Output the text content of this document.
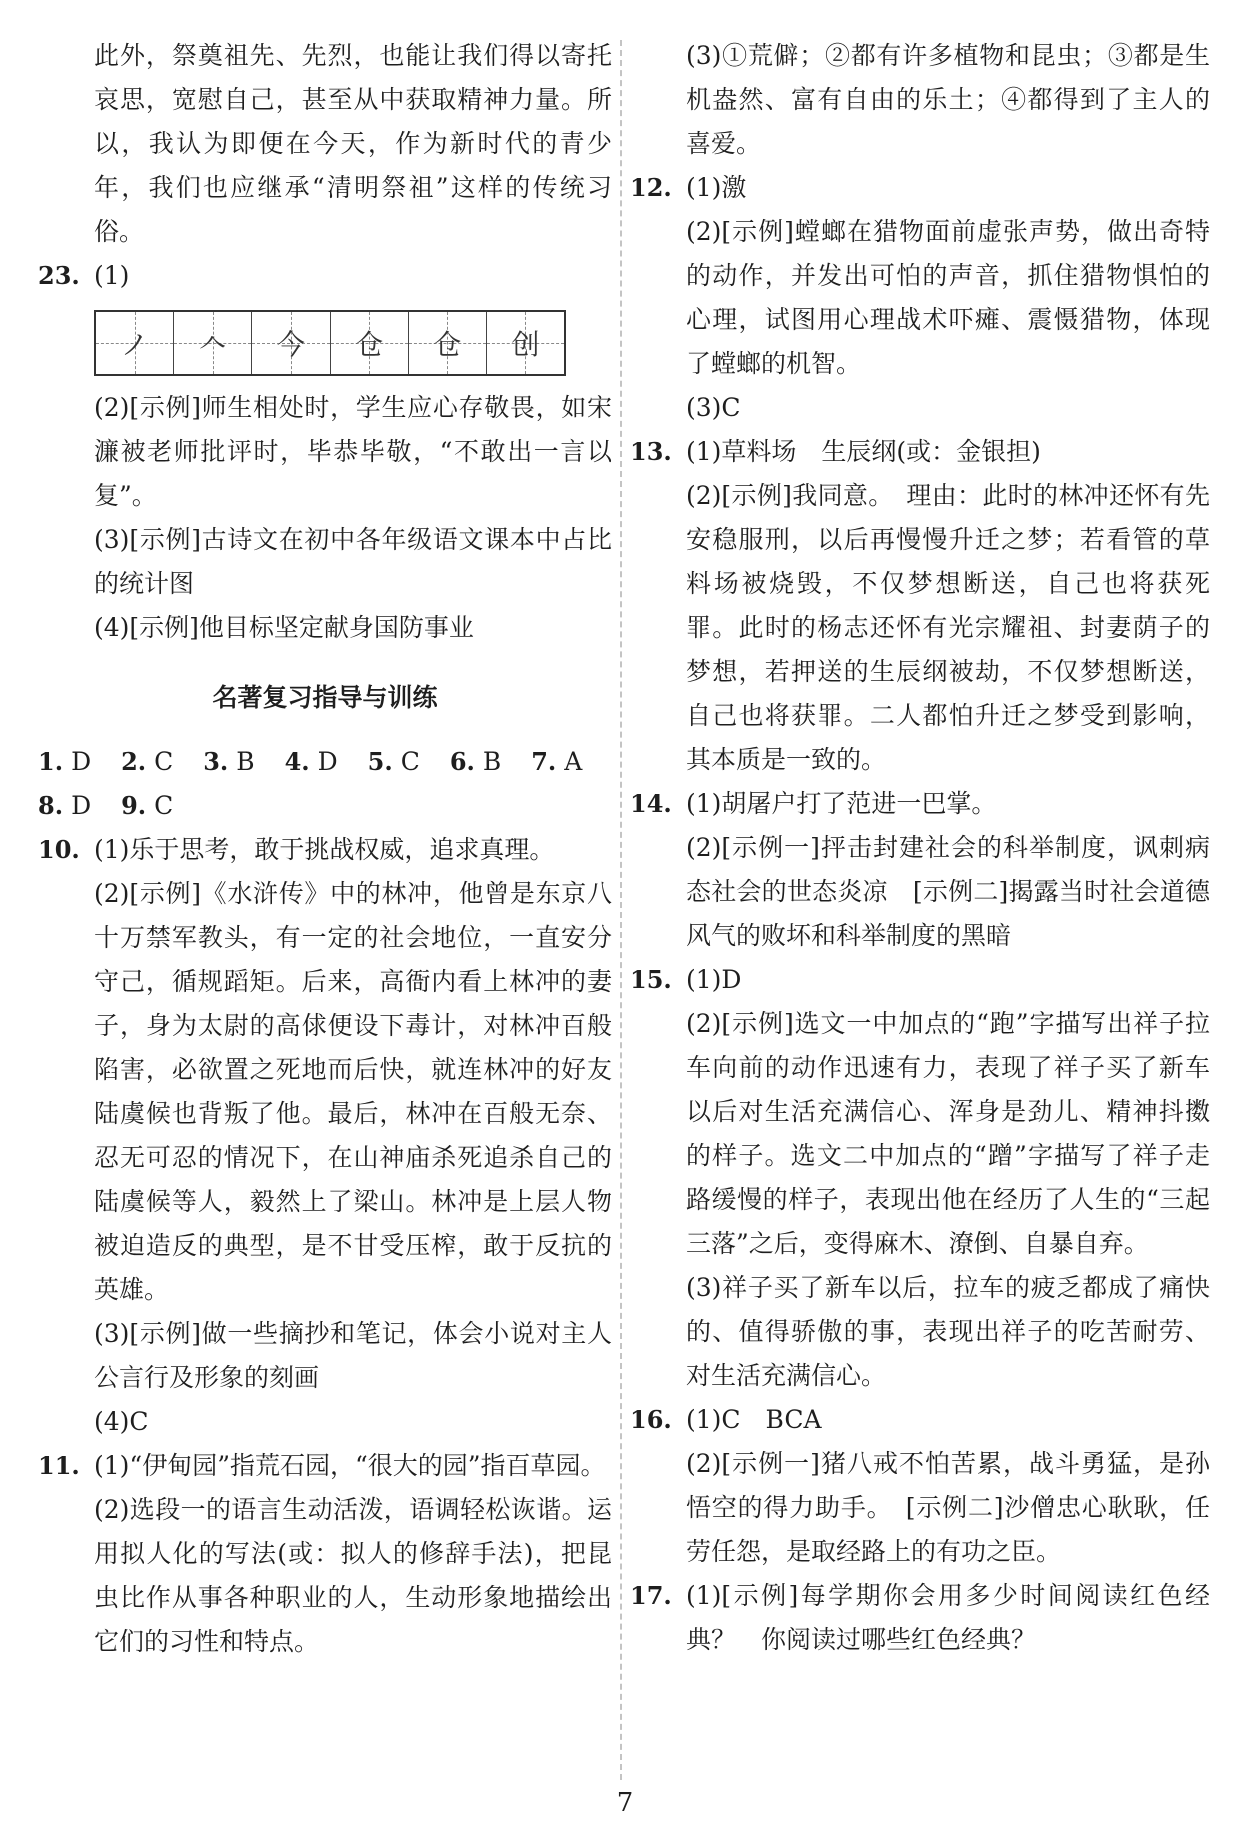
此外，祭奠祖先、先烈，也能让我们得以寄托哀思，宽慰自己，甚至从中获取精神力量。所以，我认为即便在今天，作为新时代的青少年，我们也应继承“清明祭祖”这样的传统习俗。

23. (1)

ノ 𠆢 今 仓 仓 创

(2)[示例]师生相处时，学生应心存敬畏，如宋濂被老师批评时，毕恭毕敬，“不敢出一言以复”。

(3)[示例]古诗文在初中各年级语文课本中占比的统计图

(4)[示例]他目标坚定献身国防事业

名著复习指导与训练
1. D 2. C 3. B 4. D 5. C 6. B 7. A
8. D 9. C
10. (1)乐于思考，敢于挑战权威，追求真理。

(2)[示例]《水浒传》中的林冲，他曾是东京八十万禁军教头，有一定的社会地位，一直安分守己，循规蹈矩。后来，高衙内看上林冲的妻子，身为太尉的高俅便设下毒计，对林冲百般陷害，必欲置之死地而后快，就连林冲的好友陆虞候也背叛了他。最后，林冲在百般无奈、忍无可忍的情况下，在山神庙杀死追杀自己的陆虞候等人，毅然上了梁山。林冲是上层人物被迫造反的典型，是不甘受压榨，敢于反抗的英雄。

(3)[示例]做一些摘抄和笔记，体会小说对主人公言行及形象的刻画

(4)C

11. (1)“伊甸园”指荒石园，“很大的园”指百草园。

(2)选段一的语言生动活泼，语调轻松诙谐。运用拟人化的写法(或：拟人的修辞手法)，把昆虫比作从事各种职业的人，生动形象地描绘出它们的习性和特点。

(3)①荒僻；②都有许多植物和昆虫；③都是生机盎然、富有自由的乐土；④都得到了主人的喜爱。

12. (1)激

(2)[示例]螳螂在猎物面前虚张声势，做出奇特的动作，并发出可怕的声音，抓住猎物惧怕的心理，试图用心理战术吓瘫、震慑猎物，体现了螳螂的机智。

(3)C

13. (1)草料场　生辰纲(或：金银担)

(2)[示例]我同意。　理由：此时的林冲还怀有先安稳服刑，以后再慢慢升迁之梦；若看管的草料场被烧毁，不仅梦想断送，自己也将获死罪。此时的杨志还怀有光宗耀祖、封妻荫子的梦想，若押送的生辰纲被劫，不仅梦想断送，自己也将获罪。二人都怕升迁之梦受到影响，其本质是一致的。

14. (1)胡屠户打了范进一巴掌。

(2)[示例一]抨击封建社会的科举制度，讽刺病态社会的世态炎凉　[示例二]揭露当时社会道德风气的败坏和科举制度的黑暗

15. (1)D

(2)[示例]选文一中加点的“跑”字描写出祥子拉车向前的动作迅速有力，表现了祥子买了新车以后对生活充满信心、浑身是劲儿、精神抖擞的样子。选文二中加点的“蹭”字描写了祥子走路缓慢的样子，表现出他在经历了人生的“三起三落”之后，变得麻木、潦倒、自暴自弃。

(3)祥子买了新车以后，拉车的疲乏都成了痛快的、值得骄傲的事，表现出祥子的吃苦耐劳、对生活充满信心。

16. (1)C　BCA

(2)[示例一]猪八戒不怕苦累，战斗勇猛，是孙悟空的得力助手。　[示例二]沙僧忠心耿耿，任劳任怨，是取经路上的有功之臣。

17. (1)[示例]每学期你会用多少时间阅读红色经典？　你阅读过哪些红色经典？

7
